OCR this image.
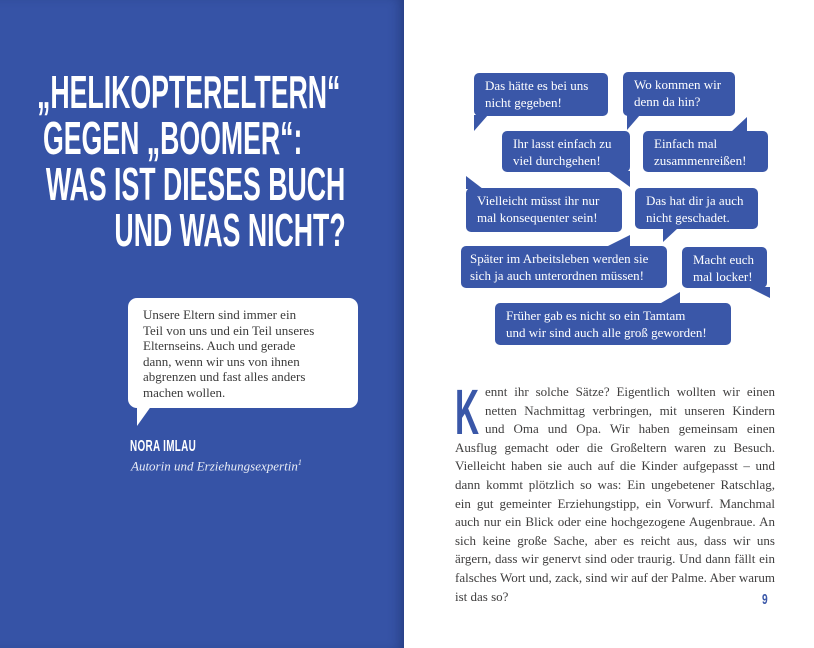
„HELIKOPTERELTERN“
GEGEN „BOOMER“:
WAS IST DIESES BUCH
UND WAS NICHT?
Unsere Eltern sind immer ein
Teil von uns und ein Teil unseres
Elternseins. Auch und gerade
dann, wenn wir uns von ihnen
abgrenzen und fast alles anders
machen wollen.
NORA IMLAU
Autorin und Erziehungsexpertin$^1$
Das hätte es bei uns
nicht gegeben!
Wo kommen wir
denn da hin?
Ihr lasst einfach zu
viel durchgehen!
Einfach mal
zusammenreißen!
Vielleicht müsst ihr nur
mal konsequenter sein!
Das hat dir ja auch
nicht geschadet.
Später im Arbeitsleben werden sie
sich ja auch unterordnen müssen!
Macht euch
mal locker!
Früher gab es nicht so ein Tamtam
und wir sind auch alle groß geworden!
Kennt ihr solche Sätze? Eigentlich wollten wir einen netten Nachmittag verbringen, mit unseren Kindern und Oma und Opa. Wir haben gemeinsam einen Ausflug gemacht oder die Großeltern waren zu Besuch. Vielleicht haben sie auch auf die Kinder aufgepasst – und dann kommt plötzlich so was: Ein ungebetener Ratschlag, ein gut gemeinter Erziehungstipp, ein Vorwurf. Manchmal auch nur ein Blick oder eine hochgezogene Augenbraue. An sich keine große Sache, aber es reicht aus, dass wir uns ärgern, dass wir genervt sind oder traurig. Und dann fällt ein falsches Wort und, zack, sind wir auf der Palme. Aber warum ist das so?	9
